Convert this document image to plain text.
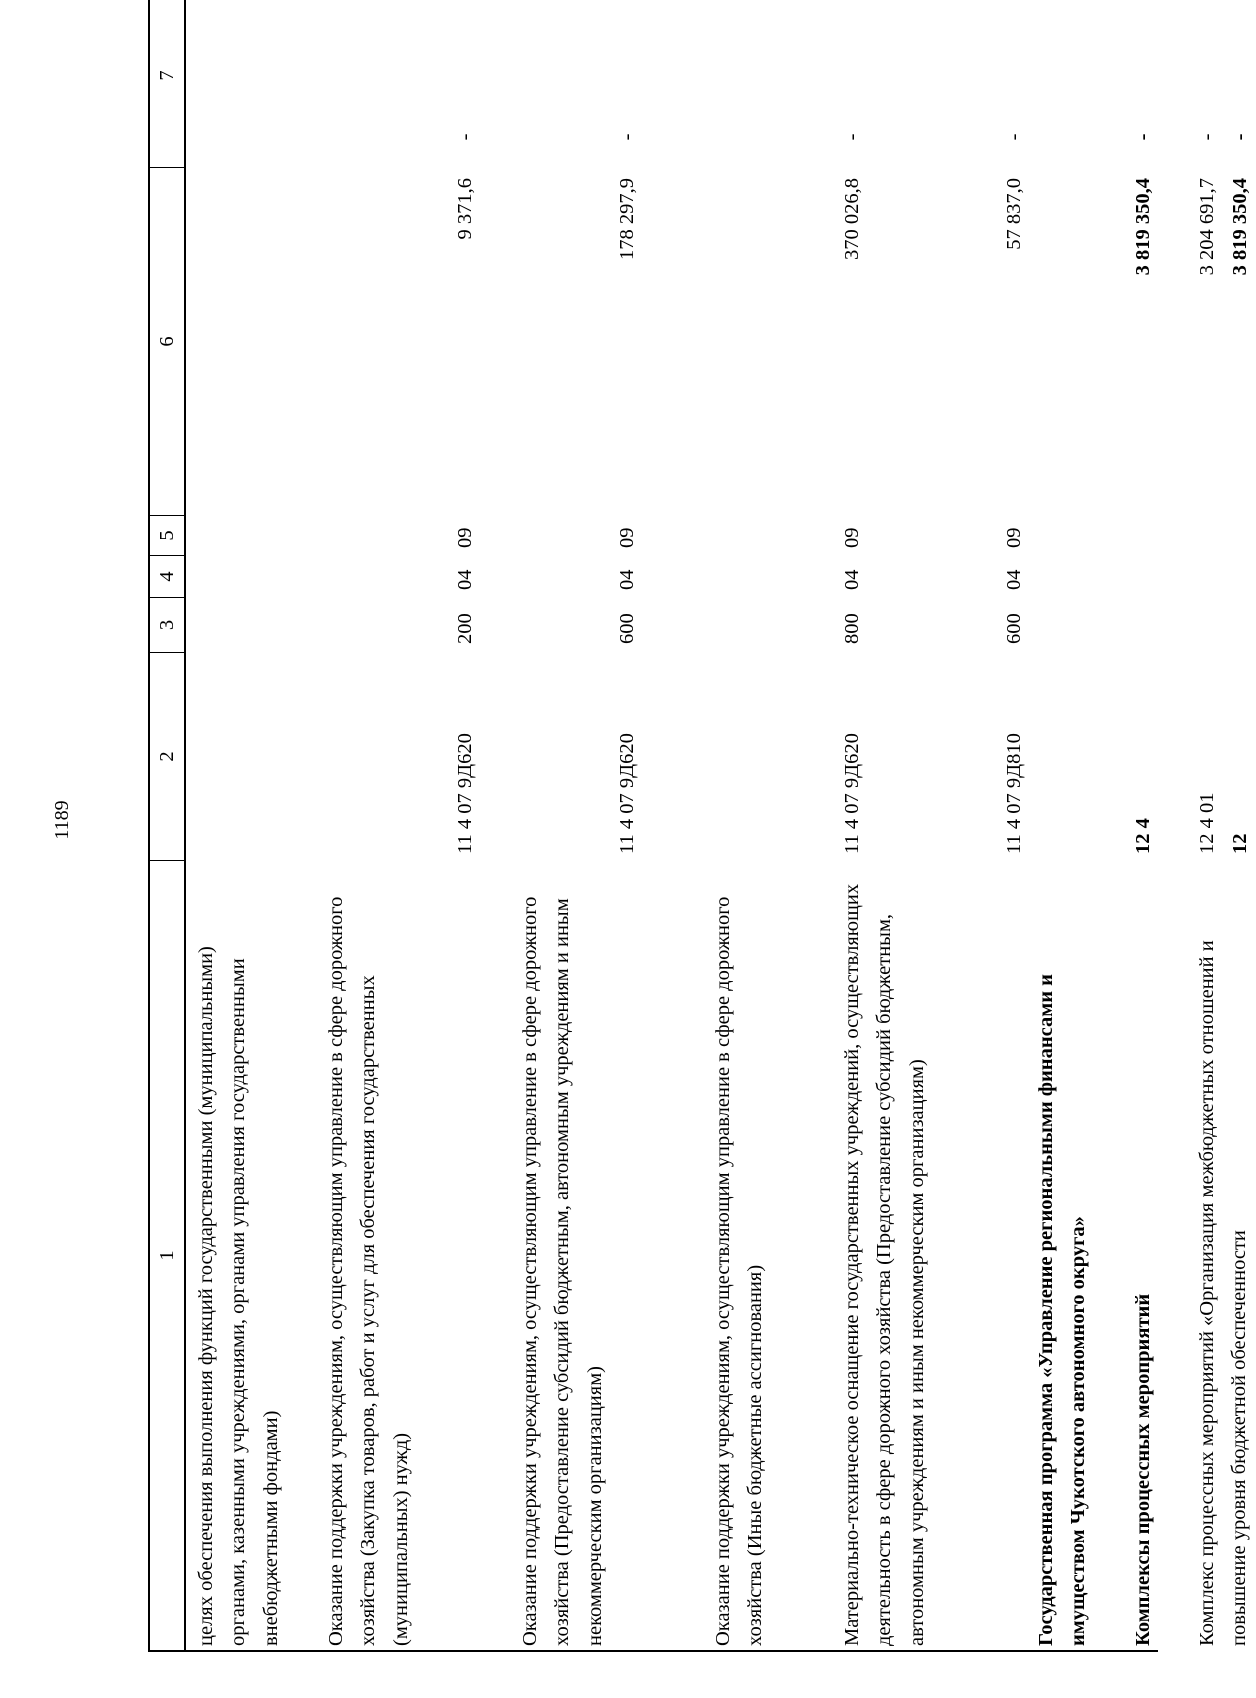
1189
1
2
3
4
5
6
7
целях обеспечения выполнения функций государственными (муниципальными) органами, казенными учреждениями, органами управления государственными внебюджетными фондами) Оказание поддержки учреждениям, осуществляющим управление в сфере дорожного хозяйства (Закупка товаров, работ и услуг для обеспечения государственных (муниципальных) нужд)
11 4 07 9Д620
200
04
09
9 371,6
-
Оказание поддержки учреждениям, осуществляющим управление в сфере дорожного хозяйства (Предоставление субсидий бюджетным, автономным учреждениям и иным некоммерческим организациям)
11 4 07 9Д620
600
04
09
178 297,9
-
Оказание поддержки учреждениям, осуществляющим управление в сфере дорожного хозяйства (Иные бюджетные ассигнования)
11 4 07 9Д620
800
04
09
370 026,8
-
Материально-техническое оснащение государственных учреждений, осуществляющих деятельность в сфере дорожного хозяйства (Предоставление субсидий бюджетным, автономным учреждениям и иным некоммерческим организациям)
11 4 07 9Д810
600
04
09
57 837,0
-
Государственная программа «Управление региональными финансами и имуществом Чукотского автономного округа»
12
3 819 350,4
-
Комплексы процессных мероприятий
12 4
3 819 350,4
-
Комплекс процессных мероприятий «Организация межбюджетных отношений и повышение уровня бюджетной обеспеченности
12 4 01
3 204 691,7
-
